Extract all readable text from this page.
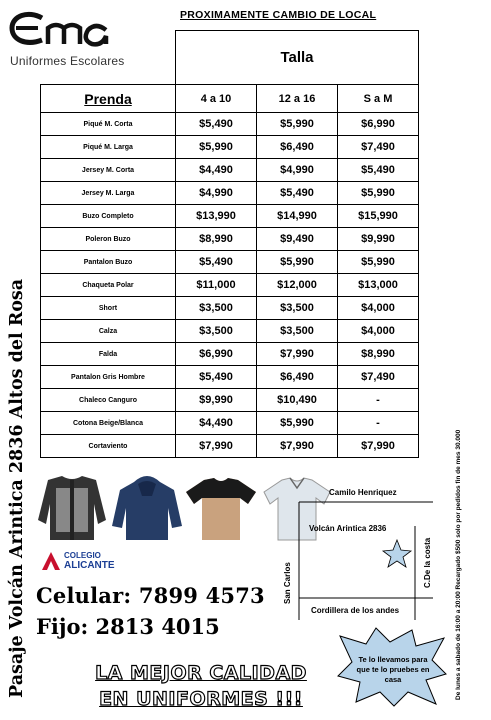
Uniformes Escolares
PROXIMAMENTE CAMBIO DE LOCAL
	Talla		
Prenda	4 a 10	12 a 16	S a M
Piqué M. Corta	$5,490	$5,990	$6,990
Piqué M. Larga	$5,990	$6,490	$7,490
Jersey M. Corta	$4,490	$4,990	$5,490
Jersey M. Larga	$4,990	$5,490	$5,990
Buzo Completo	$13,990	$14,990	$15,990
Poleron Buzo	$8,990	$9,490	$9,990
Pantalon Buzo	$5,490	$5,990	$5,990
Chaqueta Polar	$11,000	$12,000	$13,000
Short	$3,500	$3,500	$4,000
Calza	$3,500	$3,500	$4,000
Falda	$6,990	$7,990	$8,990
Pantalon Gris Hombre	$5,490	$6,490	$7,490
Chaleco Canguro	$9,990	$10,490	-
Cotona Beige/Blanca	$4,490	$5,990	-
Cortaviento	$7,990	$7,990	$7,990
Pasaje Volcán Arintica 2836 Altos del Rosa	De lunes a sabado de 16:00 a 20:00 Recargado $500 solo por pedidos fin de mes 30.000
COLEGIO
ALICANTE
Celular: 7899 4573
Fijo: 2813 4015
LA MEJOR CALIDAD
EN UNIFORMES !!!
Camilo Henriquez
Volcán Arintica 2836
Cordillera de los andes
San Carlos	C.De la costa
Te lo llevamos para que te lo pruebes en casa
